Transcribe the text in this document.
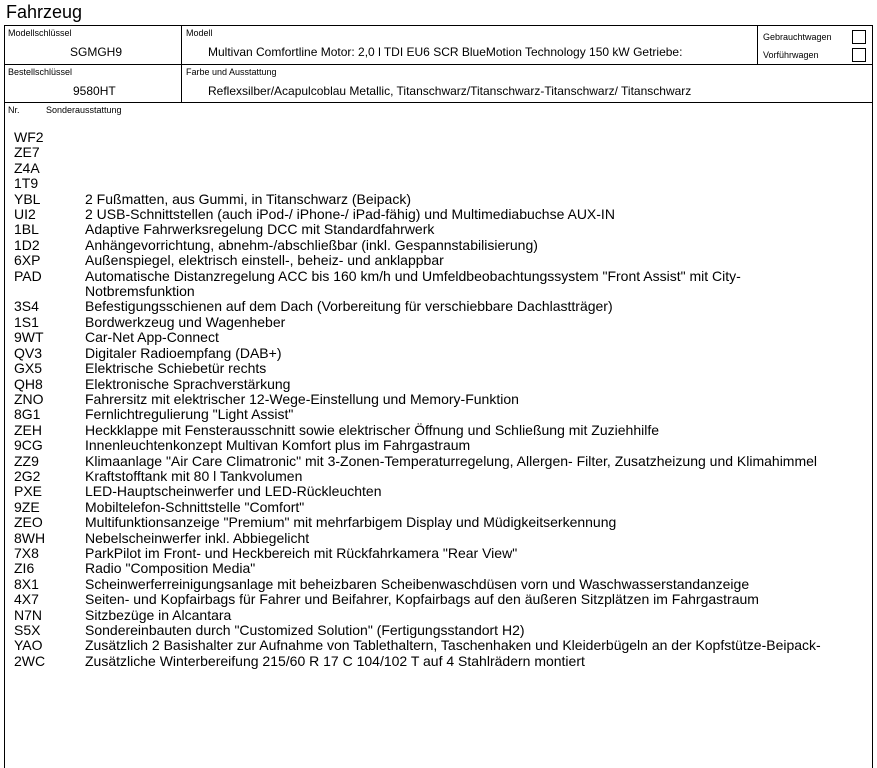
Fahrzeug
Modellschlüssel
SGMGH9
Modell
Multivan Comfortline Motor: 2,0 l TDI EU6 SCR BlueMotion Technology 150 kW Getriebe:
Gebrauchtwagen
Vorführwagen
Bestellschlüssel
9580HT
Farbe und Ausstattung
Reflexsilber/Acapulcoblau Metallic, Titanschwarz/Titanschwarz-Titanschwarz/ Titanschwarz
Nr.	Sonderausstattung
WF2
ZE7
Z4A
1T9
YBL	2 Fußmatten, aus Gummi, in Titanschwarz (Beipack)
UI2	2 USB-Schnittstellen (auch iPod-/ iPhone-/ iPad-fähig) und Multimediabuchse AUX-IN
1BL	Adaptive Fahrwerksregelung DCC mit Standardfahrwerk
1D2	Anhängevorrichtung, abnehm-/abschließbar (inkl. Gespannstabilisierung)
6XP	Außenspiegel, elektrisch einstell-, beheiz- und anklappbar
PAD	Automatische Distanzregelung ACC bis 160 km/h und Umfeldbeobachtungssystem "Front Assist" mit City-Notbremsfunktion
3S4	Befestigungsschienen auf dem Dach (Vorbereitung für verschiebbare Dachlastträger)
1S1	Bordwerkzeug und Wagenheber
9WT	Car-Net App-Connect
QV3	Digitaler Radioempfang (DAB+)
GX5	Elektrische Schiebetür rechts
QH8	Elektronische Sprachverstärkung
ZNO	Fahrersitz mit elektrischer 12-Wege-Einstellung und Memory-Funktion
8G1	Fernlichtregulierung "Light Assist"
ZEH	Heckklappe mit Fensterausschnitt sowie elektrischer Öffnung und Schließung mit Zuziehhilfe
9CG	Innenleuchtenkonzept Multivan Komfort plus im Fahrgastraum
ZZ9	Klimaanlage "Air Care Climatronic" mit 3-Zonen-Temperaturregelung, Allergen- Filter, Zusatzheizung und Klimahimmel
2G2	Kraftstofftank mit 80 l Tankvolumen
PXE	LED-Hauptscheinwerfer und LED-Rückleuchten
9ZE	Mobiltelefon-Schnittstelle "Comfort"
ZEO	Multifunktionsanzeige "Premium" mit mehrfarbigem Display und Müdigkeitserkennung
8WH	Nebelscheinwerfer inkl. Abbiegelicht
7X8	ParkPilot im Front- und Heckbereich mit Rückfahrkamera "Rear View"
ZI6	Radio "Composition Media"
8X1	Scheinwerferreinigungsanlage mit beheizbaren Scheibenwaschdüsen vorn und Waschwasserstandanzeige
4X7	Seiten- und Kopfairbags für Fahrer und Beifahrer, Kopfairbags auf den äußeren Sitzplätzen im Fahrgastraum
N7N	Sitzbezüge in Alcantara
S5X	Sondereinbauten durch "Customized Solution" (Fertigungsstandort H2)
YAO	Zusätzlich 2 Basishalter zur Aufnahme von Tablethaltern, Taschenhaken und Kleiderbügeln an der Kopfstütze-Beipack-
2WC	Zusätzliche Winterbereifung 215/60 R 17 C 104/102 T auf 4 Stahlrädern montiert
